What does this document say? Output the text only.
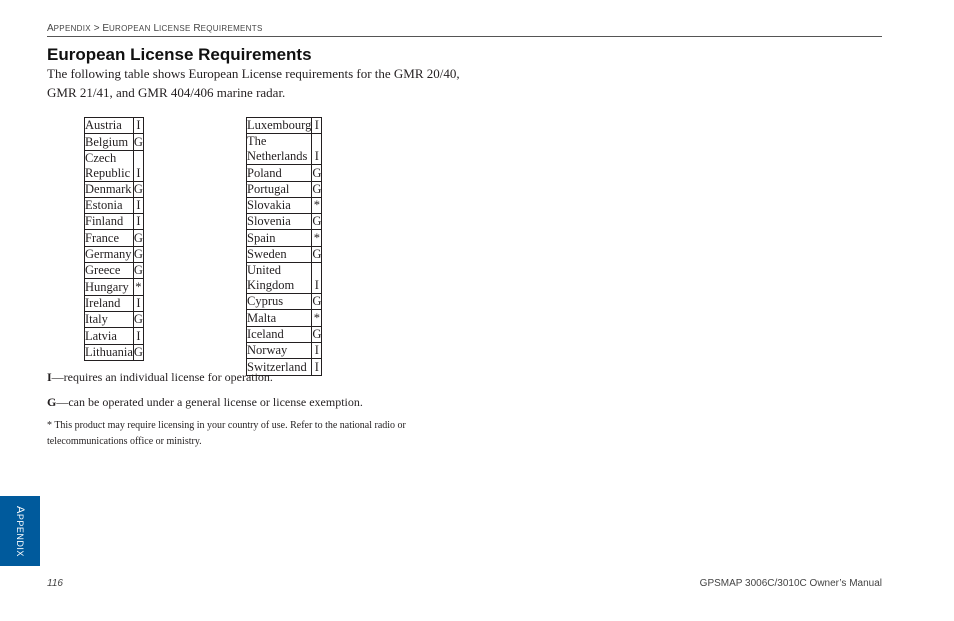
APPENDIX > EUROPEAN LICENSE REQUIREMENTS
European License Requirements

The following table shows European License requirements for the GMR 20/40, GMR 21/41, and GMR 404/406 marine radar.

Austria	I
Belgium	G
Czech Republic	I
Denmark	G
Estonia	I
Finland	I
France	G
Germany	G
Greece	G
Hungary	*
Ireland	I
Italy	G
Latvia	I
Lithuania	G
Luxembourg	I
The Netherlands	I
Poland	G
Portugal	G
Slovakia	*
Slovenia	G
Spain	*
Sweden	G
United Kingdom	I
Cyprus	G
Malta	*
Iceland	G
Norway	I
Switzerland	I

I—requires an individual license for operation.

G—can be operated under a general license or license exemption.

* This product may require licensing in your country of use. Refer to the national radio or telecommunications office or ministry.

APPENDIX
116	GPSMAP 3006C/3010C Owner’s Manual
